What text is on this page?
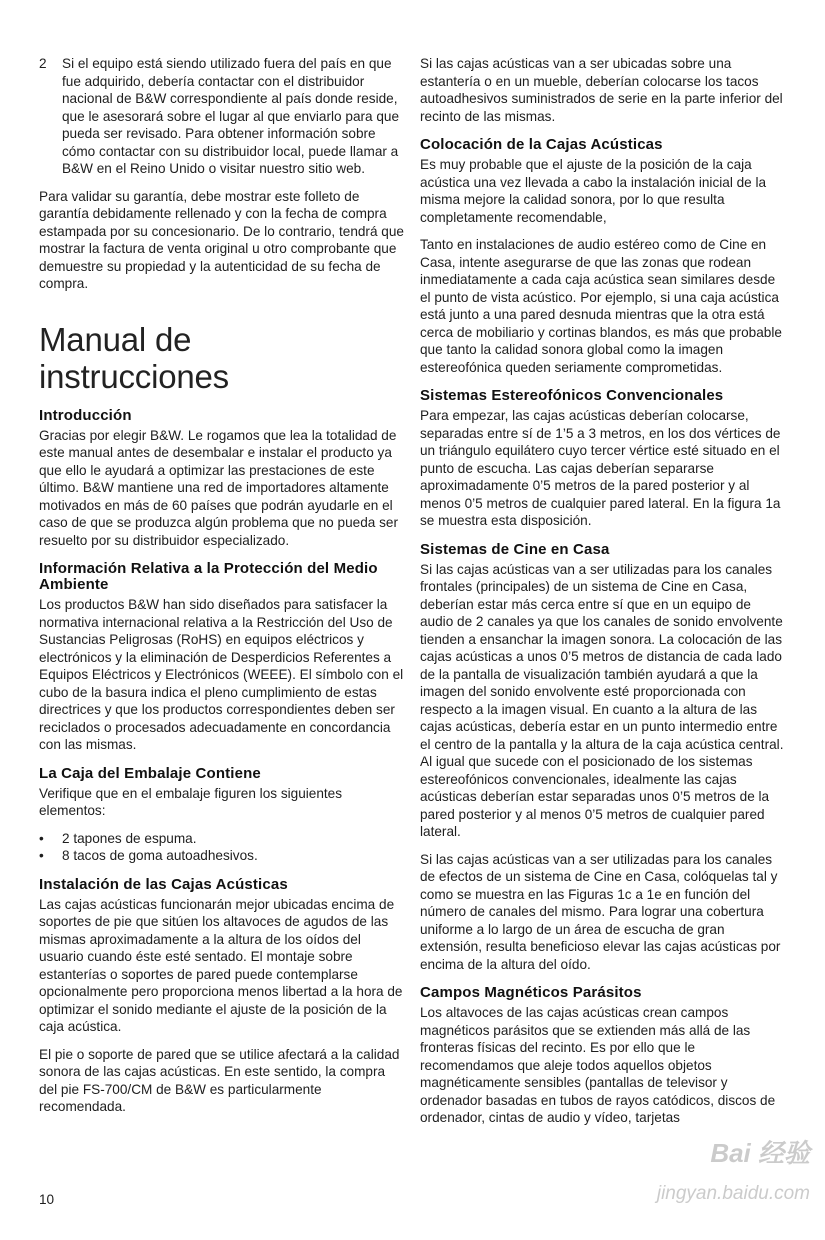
2	Si el equipo está siendo utilizado fuera del país en que fue adquirido, debería contactar con el distribuidor nacional de B&W correspondiente al país donde reside, que le asesorará sobre el lugar al que enviarlo para que pueda ser revisado. Para obtener información sobre cómo contactar con su distribuidor local, puede llamar a B&W en el Reino Unido o visitar nuestro sitio web.

Para validar su garantía, debe mostrar este folleto de garantía debidamente rellenado y con la fecha de compra estampada por su concesionario. De lo contrario, tendrá que mostrar la factura de venta original u otro comprobante que demuestre su propiedad y la autenticidad de su fecha de compra.

Manual de
instrucciones
Introducción

Gracias por elegir B&W. Le rogamos que lea la totalidad de este manual antes de desembalar e instalar el producto ya que ello le ayudará a optimizar las prestaciones de este último. B&W mantiene una red de importadores altamente motivados en más de 60 países que podrán ayudarle en el caso de que se produzca algún problema que no pueda ser resuelto por su distribuidor especializado.

Información Relativa a la Protección del Medio Ambiente

Los productos B&W han sido diseñados para satisfacer la normativa internacional relativa a la Restricción del Uso de Sustancias Peligrosas (RoHS) en equipos eléctricos y electrónicos y la eliminación de Desperdicios Referentes a Equipos Eléctricos y Electrónicos (WEEE). El símbolo con el cubo de la basura indica el pleno cumplimiento de estas directrices y que los productos correspondientes deben ser reciclados o procesados adecuadamente en concordancia con las mismas.

La Caja del Embalaje Contiene

Verifique que en el embalaje figuren los siguientes elementos:

•	2 tapones de espuma.
•	8 tacos de goma autoadhesivos.
Instalación de las Cajas Acústicas

Las cajas acústicas funcionarán mejor ubicadas encima de soportes de pie que sitúen los altavoces de agudos de las mismas aproximadamente a la altura de los oídos del usuario cuando éste esté sentado. El montaje sobre estanterías o soportes de pared puede contemplarse opcionalmente pero proporciona menos libertad a la hora de optimizar el sonido mediante el ajuste de la posición de la caja acústica.

El pie o soporte de pared que se utilice afectará a la calidad sonora de las cajas acústicas. En este sentido, la compra del pie FS-700/CM de B&W es particularmente recomendada.

Si las cajas acústicas van a ser ubicadas sobre una estantería o en un mueble, deberían colocarse los tacos autoadhesivos suministrados de serie en la parte inferior del recinto de las mismas.

Colocación de la Cajas Acústicas

Es muy probable que el ajuste de la posición de la caja acústica una vez llevada a cabo la instalación inicial de la misma mejore la calidad sonora, por lo que resulta completamente recomendable,

Tanto en instalaciones de audio estéreo como de Cine en Casa, intente asegurarse de que las zonas que rodean inmediatamente a cada caja acústica sean similares desde el punto de vista acústico. Por ejemplo, si una caja acústica está junto a una pared desnuda mientras que la otra está cerca de mobiliario y cortinas blandos, es más que probable que tanto la calidad sonora global como la imagen estereofónica queden seriamente comprometidas.

Sistemas Estereofónicos Convencionales

Para empezar, las cajas acústicas deberían colocarse, separadas entre sí de 1’5 a 3 metros, en los dos vértices de un triángulo equilátero cuyo tercer vértice esté situado en el punto de escucha. Las cajas deberían separarse aproximadamente 0’5 metros de la pared posterior y al menos 0’5 metros de cualquier pared lateral. En la figura 1a se muestra esta disposición.

Sistemas de Cine en Casa

Si las cajas acústicas van a ser utilizadas para los canales frontales (principales) de un sistema de Cine en Casa, deberían estar más cerca entre sí que en un equipo de audio de 2 canales ya que los canales de sonido envolvente tienden a ensanchar la imagen sonora. La colocación de las cajas acústicas a unos 0’5 metros de distancia de cada lado de la pantalla de visualización también ayudará a que la imagen del sonido envolvente esté proporcionada con respecto a la imagen visual. En cuanto a la altura de las cajas acústicas, debería estar en un punto intermedio entre el centro de la pantalla y la altura de la caja acústica central. Al igual que sucede con el posicionado de los sistemas estereofónicos convencionales, idealmente las cajas acústicas deberían estar separadas unos 0’5 metros de la pared posterior y al menos 0’5 metros de cualquier pared lateral.

Si las cajas acústicas van a ser utilizadas para los canales de efectos de un sistema de Cine en Casa, colóquelas tal y como se muestra en las Figuras 1c a 1e en función del número de canales del mismo. Para lograr una cobertura uniforme a lo largo de un área de escucha de gran extensión, resulta beneficioso elevar las cajas acústicas por encima de la altura del oído.

Campos Magnéticos Parásitos

Los altavoces de las cajas acústicas crean campos magnéticos parásitos que se extienden más allá de las fronteras físicas del recinto. Es por ello que le recomendamos que aleje todos aquellos objetos magnéticamente sensibles (pantallas de televisor y ordenador basadas en tubos de rayos catódicos, discos de ordenador, cintas de audio y vídeo, tarjetas

10
Bai 经验
jingyan.baidu.com
